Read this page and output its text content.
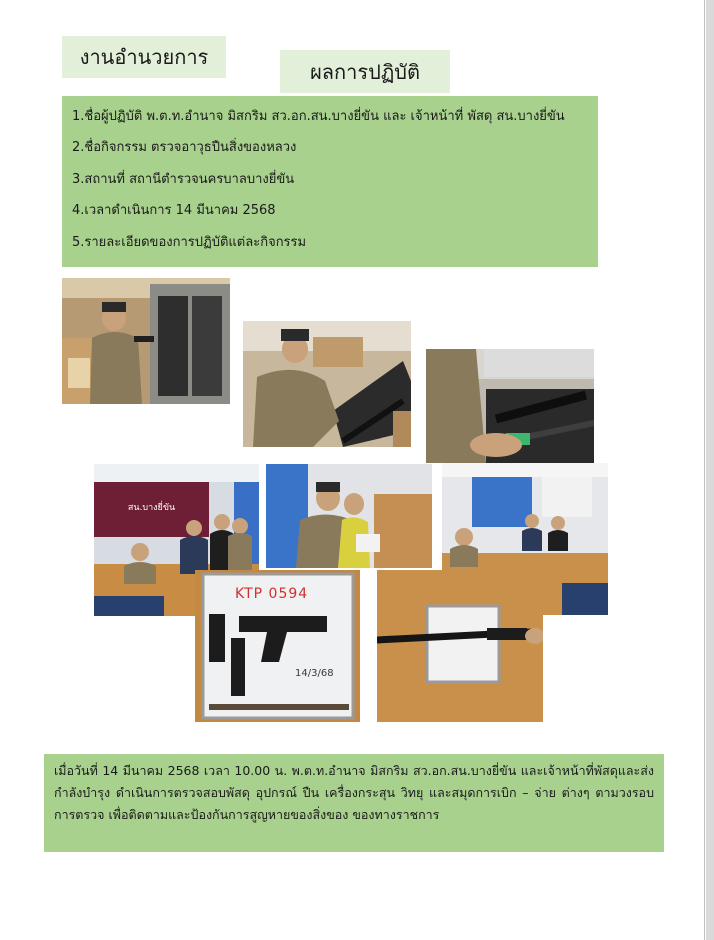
งานอำนวยการ
ผลการปฏิบัติ
1.ชื่อผู้ปฏิบัติ พ.ต.ท.อำนาจ มิสกริม สว.อก.สน.บางยี่ขัน และ เจ้าหน้าที่ พัสดุ สน.บางยี่ขัน
2.ชื่อกิจกรรม ตรวจอาวุธปืนสิ่งของหลวง
3.สถานที่ สถานีตำรวจนครบาลบางยี่ขัน
4.เวลาดำเนินการ 14 มีนาคม 2568
5.รายละเอียดของการปฏิบัติแต่ละกิจกรรม
สน.บางยี่ขัน
KTP 0594
14/3/68

เมื่อวันที่ 14 มีนาคม 2568 เวลา 10.00 น. พ.ต.ท.อำนาจ มิสกริม สว.อก.สน.บางยี่ขัน และเจ้าหน้าที่พัสดุและส่งกำลังบำรุง ดำเนินการตรวจสอบพัสดุ อุปกรณ์ ปืน เครื่องกระสุน วิทยุ และสมุดการเบิก – จ่าย ต่างๆ ตามวงรอบการตรวจ เพื่อติดตามและป้องกันการสูญหายของสิ่งของ ของทางราชการ
